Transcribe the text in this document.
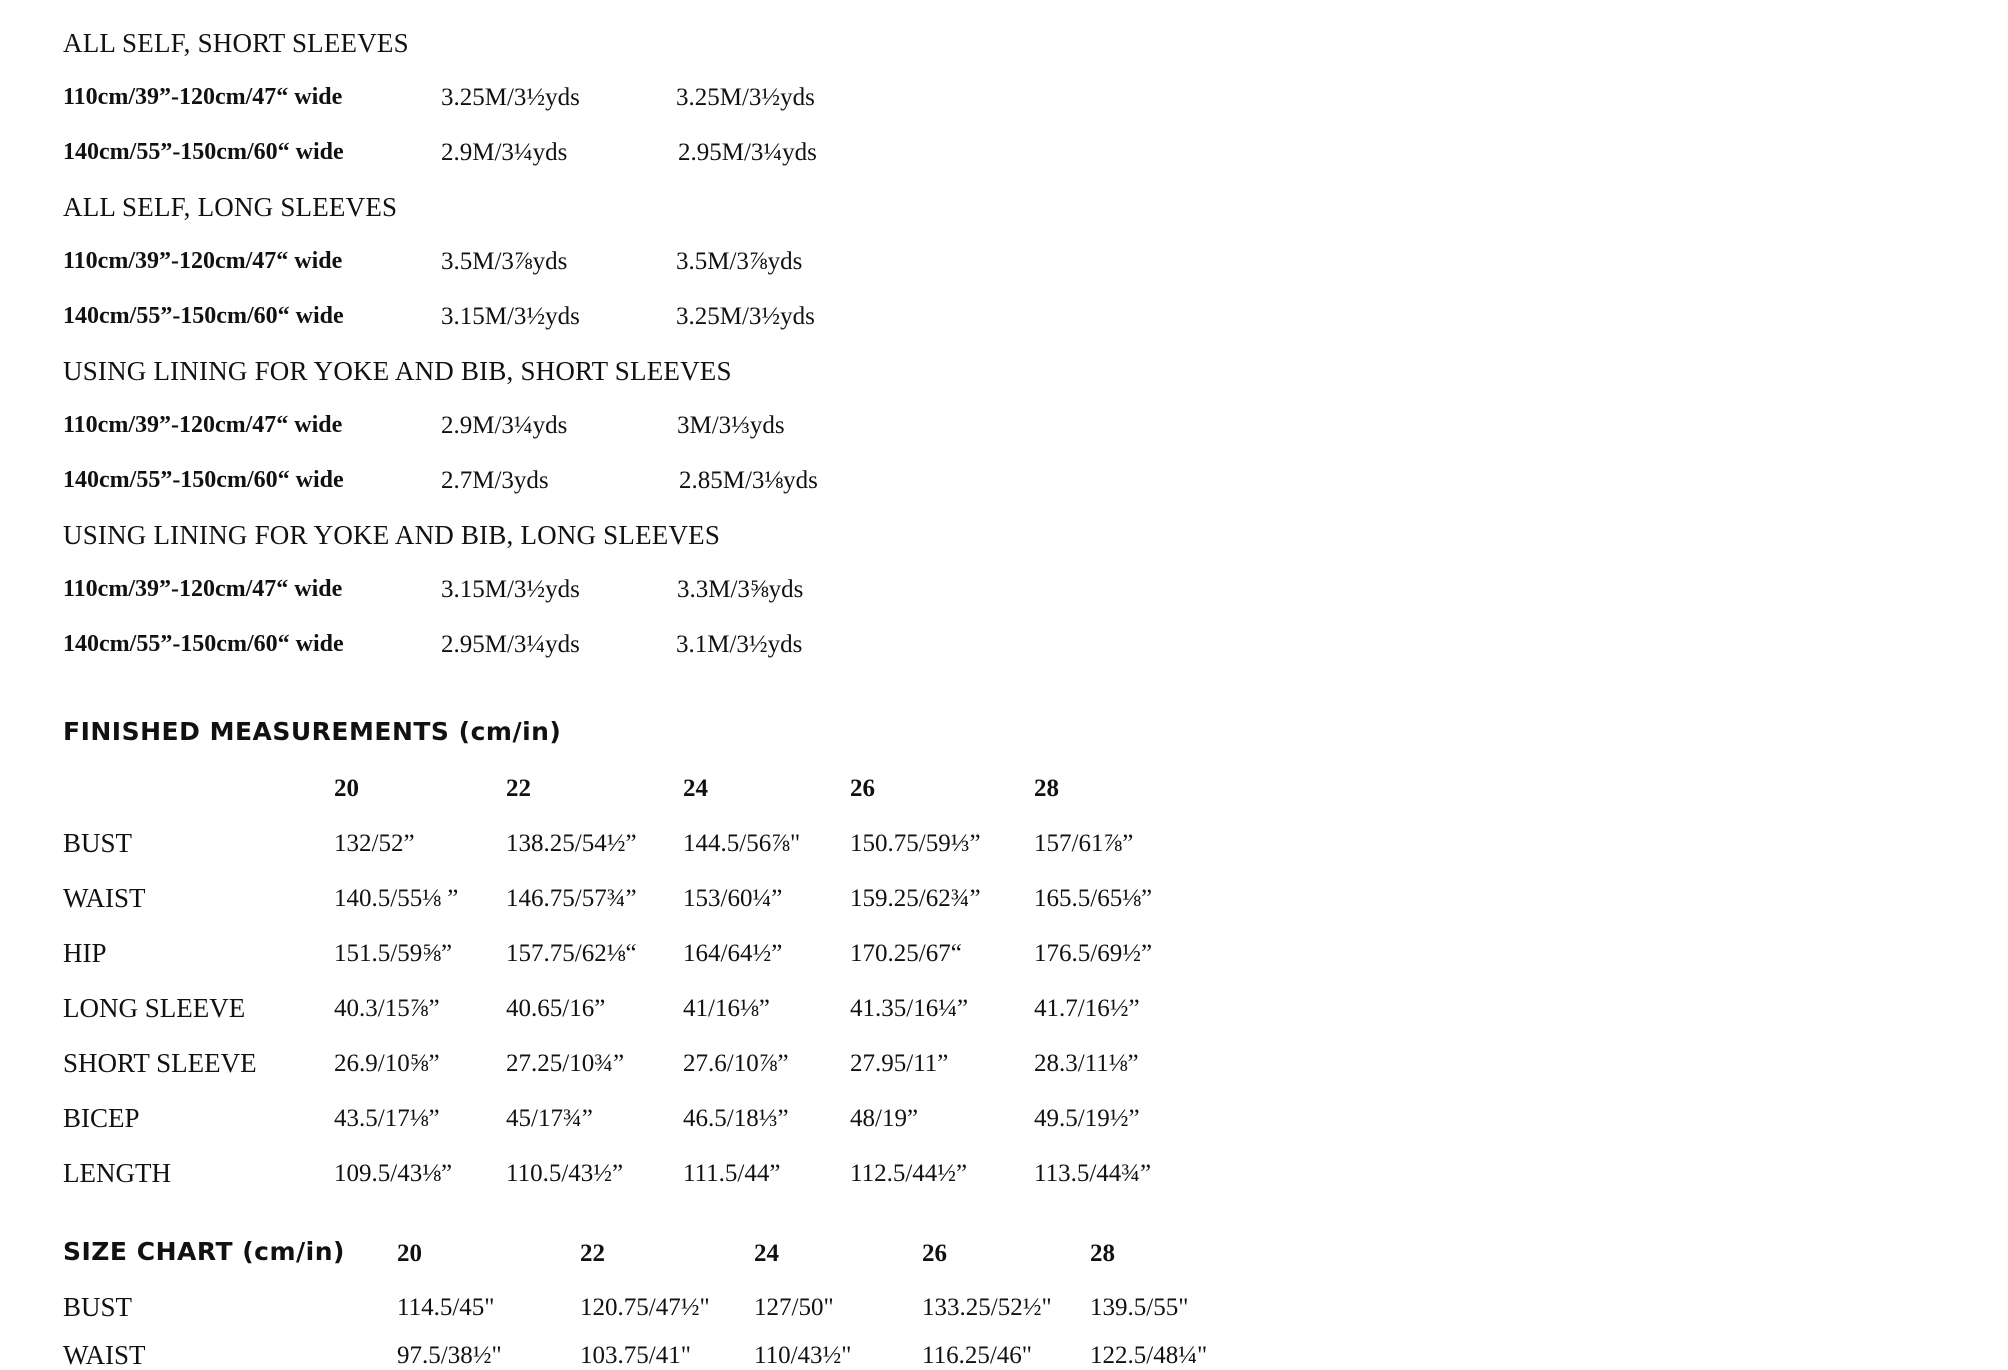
ALL SELF, SHORT SLEEVES
110cm/39”-120cm/47“ wide	3.25M/3½yds	3.25M/3½yds
140cm/55”-150cm/60“ wide	2.9M/3¼yds	2.95M/3¼yds
ALL SELF, LONG SLEEVES
110cm/39”-120cm/47“ wide	3.5M/3⅞yds	3.5M/3⅞yds
140cm/55”-150cm/60“ wide	3.15M/3½yds	3.25M/3½yds
USING LINING FOR YOKE AND BIB, SHORT SLEEVES
110cm/39”-120cm/47“ wide	2.9M/3¼yds	3M/3⅓yds
140cm/55”-150cm/60“ wide	2.7M/3yds	2.85M/3⅛yds
USING LINING FOR YOKE AND BIB, LONG SLEEVES
110cm/39”-120cm/47“ wide	3.15M/3½yds	3.3M/3⅝yds
140cm/55”-150cm/60“ wide	2.95M/3¼yds	3.1M/3½yds
FINISHED MEASUREMENTS (cm/in)
20	22	24	26	28
BUST	132/52”	138.25/54½” 144.5/56⅞" 150.75/59⅓” 157/61⅞”
WAIST	140.5/55⅛ ” 146.75/57¾” 153/60¼”	159.25/62¾” 165.5/65⅛”
HIP	151.5/59⅝” 157.75/62⅛“ 164/64½”	170.25/67“	176.5/69½”
LONG SLEEVE	40.3/15⅞”	40.65/16”	41/16⅛”	41.35/16¼”	41.7/16½”
SHORT SLEEVE	26.9/10⅝”	27.25/10¾” 27.6/10⅞” 27.95/11”	28.3/11⅛”
BICEP	43.5/17⅛”	45/17¾”	46.5/18⅓” 48/19”	49.5/19½”
LENGTH	109.5/43⅛” 110.5/43½” 111.5/44”	112.5/44½”	113.5/44¾”
SIZE CHART (cm/in) 20	22	24	26	28
BUST	114.5/45"	120.75/47½" 127/50"	133.25/52½" 139.5/55"
WAIST	97.5/38½"	103.75/41"	110/43½"	116.25/46" 122.5/48¼"
